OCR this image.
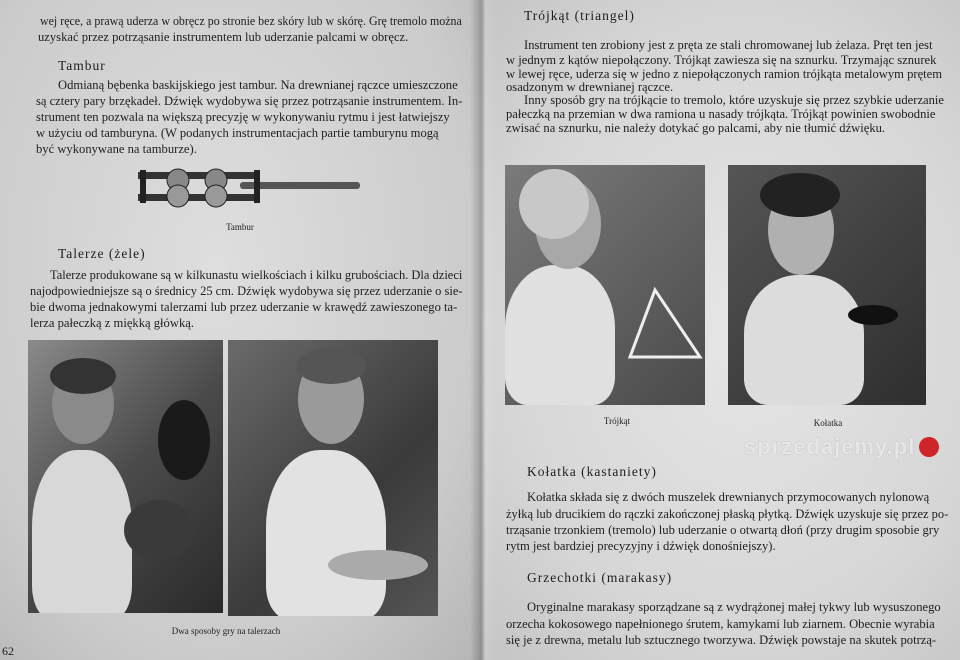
wej ręce, a prawą uderza w obręcz po stronie bez skóry lub w skórę. Grę tremolo można
uzyskać przez potrząsanie instrumentem lub uderzanie palcami w obręcz.
Tambur
Odmianą bębenka baskijskiego jest tambur. Na drewnianej rączce umieszczone
są cztery pary brzękadeł. Dźwięk wydobywa się przez potrząsanie instrumentem. In-
strument ten pozwala na większą precyzję w wykonywaniu rytmu i jest łatwiejszy
w użyciu od tamburyna. (W podanych instrumentacjach partie tamburynu mogą
być wykonywane na tamburze).
Tambur
Talerze (żele)
Talerze produkowane są w kilkunastu wielkościach i kilku grubościach. Dla dzieci
najodpowiedniejsze są o średnicy 25 cm. Dźwięk wydobywa się przez uderzanie o sie-
bie dwoma jednakowymi talerzami lub przez uderzanie w krawędź zawieszonego ta-
lerza pałeczką z miękką główką.
Dwa sposoby gry na talerzach
62
Trójkąt (triangel)
Instrument ten zrobiony jest z pręta ze stali chromowanej lub żelaza. Pręt ten jest
w jednym z kątów niepołączony. Trójkąt zawiesza się na sznurku. Trzymając sznurek
w lewej ręce, uderza się w jedno z niepołączonych ramion trójkąta metalowym prętem
osadzonym w drewnianej rączce.
Inny sposób gry na trójkącie to tremolo, które uzyskuje się przez szybkie uderzanie
pałeczką na przemian w dwa ramiona u nasady trójkąta. Trójkąt powinien swobodnie
zwisać na sznurku, nie należy dotykać go palcami, aby nie tłumić dźwięku.
Trójkąt	Kołatka
sprzedajemy.pl
Kołatka (kastaniety)
Kołatka składa się z dwóch muszelek drewnianych przymocowanych nylonową
żyłką lub drucikiem do rączki zakończonej płaską płytką. Dźwięk uzyskuje się przez po-
trząsanie trzonkiem (tremolo) lub uderzanie o otwartą dłoń (przy drugim sposobie gry
rytm jest bardziej precyzyjny i dźwięk donośniejszy).
Grzechotki (marakasy)
Oryginalne marakasy sporządzane są z wydrążonej małej tykwy lub wysuszonego
orzecha kokosowego napełnionego śrutem, kamykami lub ziarnem. Obecnie wyrabia
się je z drewna, metalu lub sztucznego tworzywa. Dźwięk powstaje na skutek potrzą-
